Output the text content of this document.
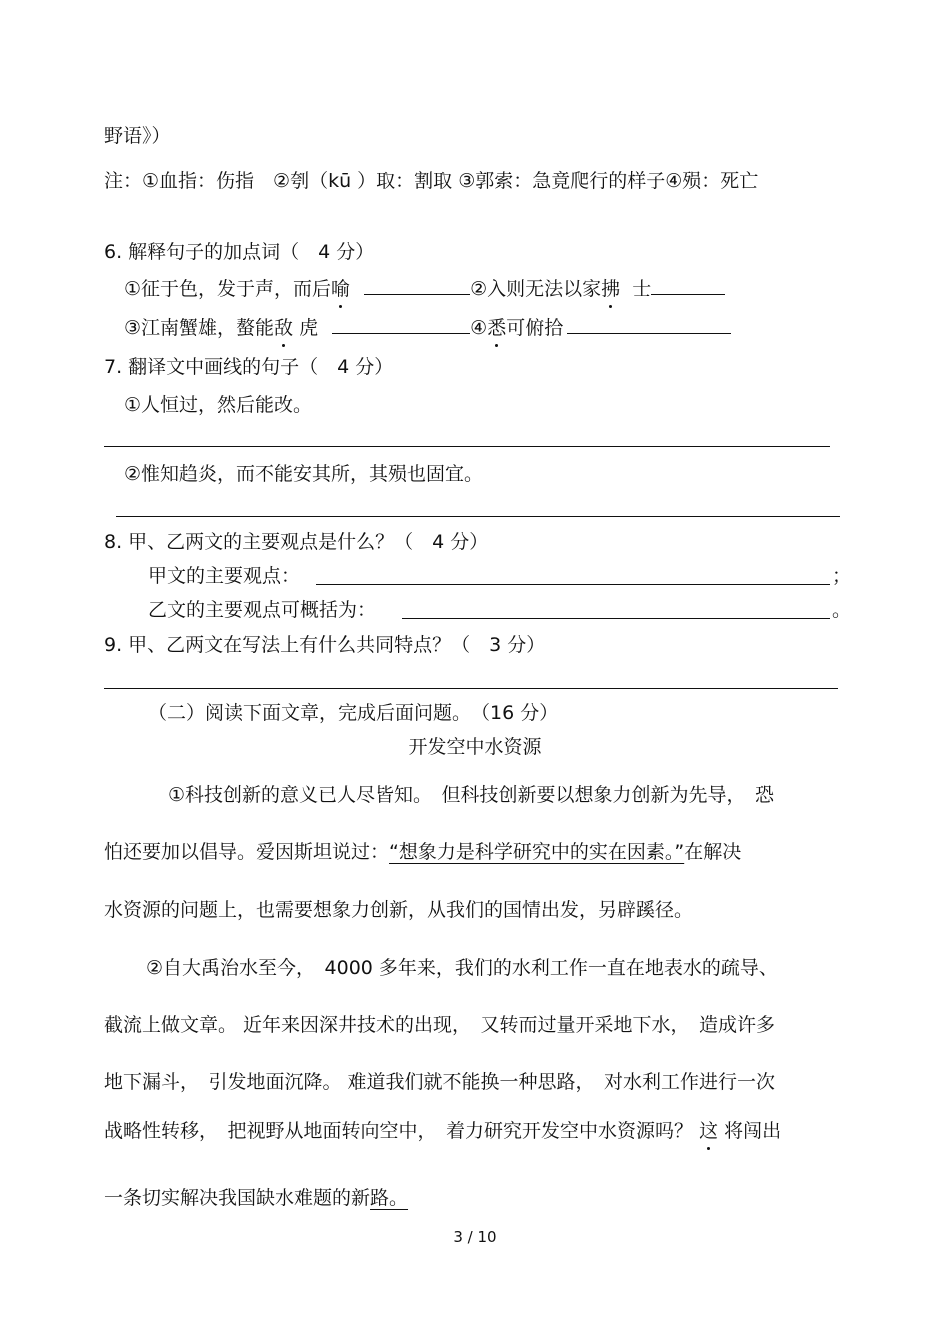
野语》）
注：①血指：伤指　②刳（kū ）取：割取 ③郭索：急竟爬行的样子④殒：死亡
6. 解释句子的加点词（　4 分）
①征于色，发于声，而后喻	②入则无法以家拂 士
③江南蟹雄，螯能敌 虎	④悉可俯拾
7. 翻译文中画线的句子（　4 分）
①人恒过，然后能改。
②惟知趋炎，而不能安其所，其殒也固宜。
8. 甲、乙两文的主要观点是什么？（　4 分）
甲文的主要观点：	；
乙文的主要观点可概括为：	。
9. 甲、乙两文在写法上有什么共同特点？（　3 分）
（二）阅读下面文章，完成后面问题。　（16 分）
开发空中水资源
①科技创新的意义已人尽皆知。　但科技创新要以想象力创新为先导，　恐
怕还要加以倡导。爱因斯坦说过：“想象力是科学研究中的实在因素。”在解决
水资源的问题上，也需要想象力创新，从我们的国情出发，另辟蹊径。
②自大禹治水至今，　4000 多年来，我们的水利工作一直在地表水的疏导、
截流上做文章。 近年来因深井技术的出现，　又转而过量开采地下水，　造成许多
地下漏斗，　引发地面沉降。 难道我们就不能换一种思路，　对水利工作进行一次
战略性转移，　把视野从地面转向空中，　着力研究开发空中水资源吗？ 这 将闯出
一条切实解决我国缺水难题的新路。
3 / 10
